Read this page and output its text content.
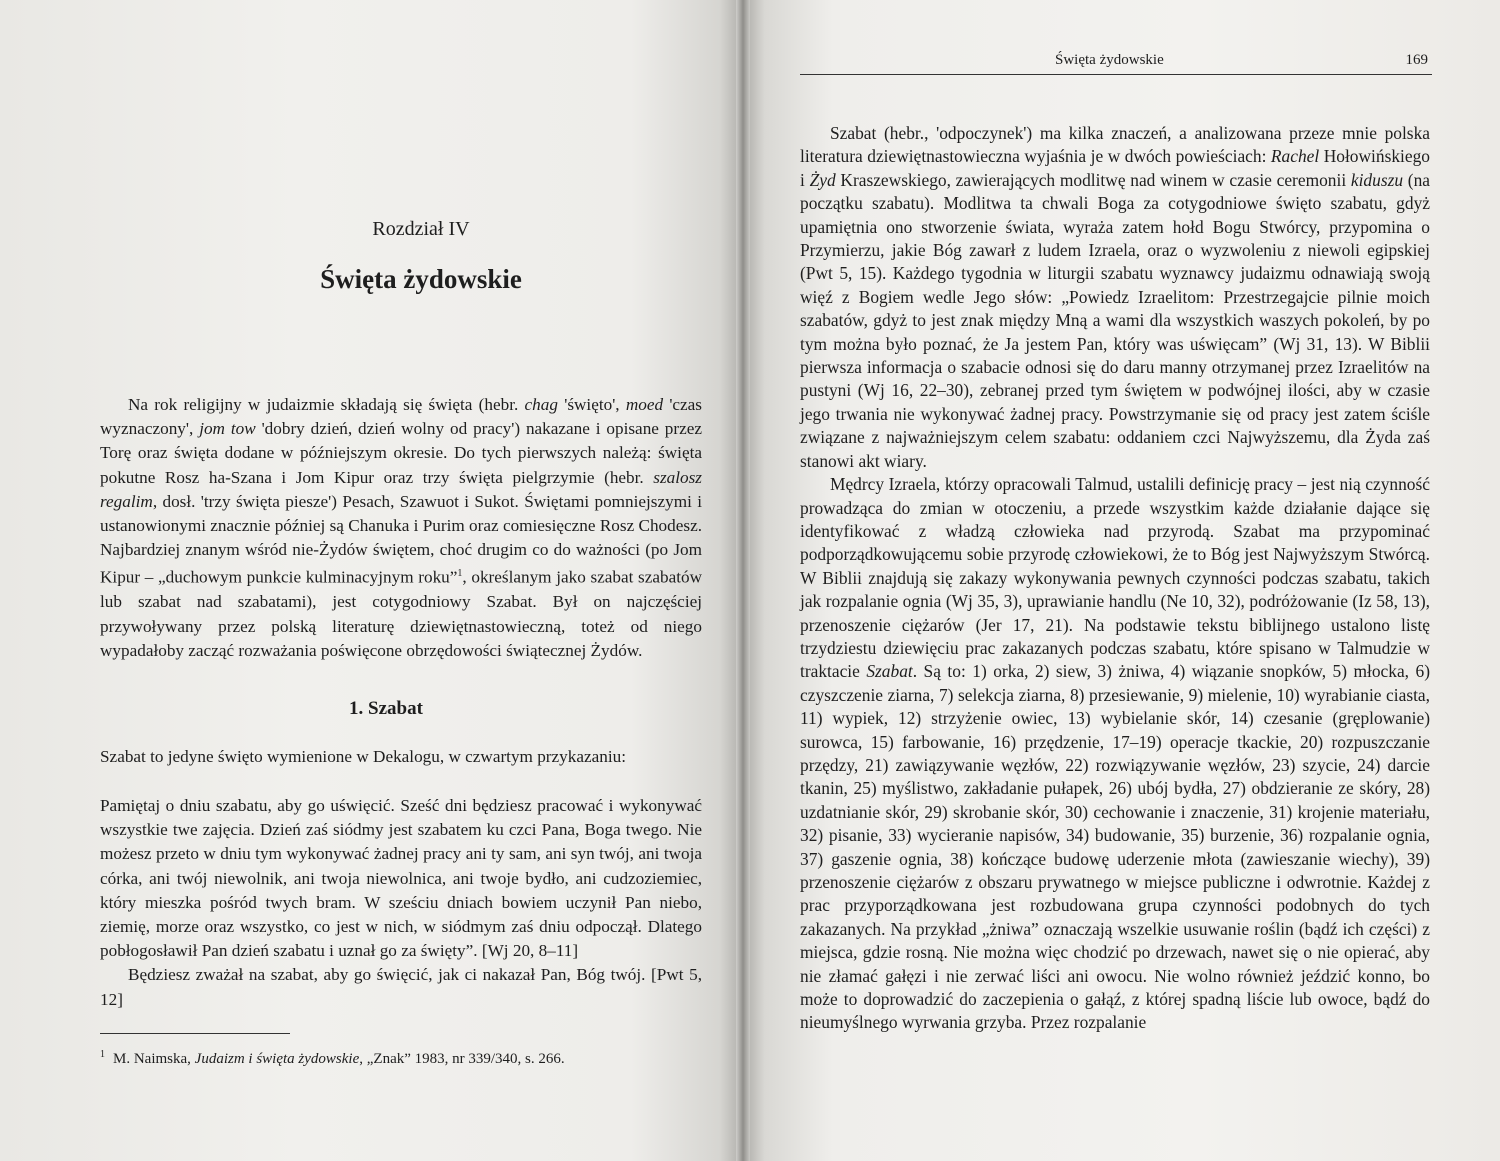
Rozdział IV
Święta żydowskie

Na rok religijny w judaizmie składają się święta (hebr. chag 'święto', moed 'czas wyznaczony', jom tow 'dobry dzień, dzień wolny od pracy') nakazane i opisane przez Torę oraz święta dodane w późniejszym okresie. Do tych pierwszych należą: święta pokutne Rosz ha-Szana i Jom Kipur oraz trzy święta pielgrzymie (hebr. szalosz regalim, dosł. 'trzy święta piesze') Pesach, Szawuot i Sukot. Świętami pomniejszymi i ustanowionymi znacznie później są Chanuka i Purim oraz comiesięczne Rosz Chodesz. Najbardziej znanym wśród nie-Żydów świętem, choć drugim co do ważności (po Jom Kipur – „duchowym punkcie kulminacyjnym roku”$^1$, określanym jako szabat szabatów lub szabat nad szabatami), jest cotygodniowy Szabat. Był on najczęściej przywoływany przez polską literaturę dziewiętnastowieczną, toteż od niego wypadałoby zacząć rozważania poświęcone obrzędowości świątecznej Żydów.

1. Szabat

Szabat to jedyne święto wymienione w Dekalogu, w czwartym przykazaniu:

Pamiętaj o dniu szabatu, aby go uświęcić. Sześć dni będziesz pracować i wykonywać wszystkie twe zajęcia. Dzień zaś siódmy jest szabatem ku czci Pana, Boga twego. Nie możesz przeto w dniu tym wykonywać żadnej pracy ani ty sam, ani syn twój, ani twoja córka, ani twój niewolnik, ani twoja niewolnica, ani twoje bydło, ani cudzoziemiec, który mieszka pośród twych bram. W sześciu dniach bowiem uczynił Pan niebo, ziemię, morze oraz wszystko, co jest w nich, w siódmym zaś dniu odpoczął. Dlatego pobłogosławił Pan dzień szabatu i uznał go za święty”. [Wj 20, 8–11]

Będziesz zważał na szabat, aby go święcić, jak ci nakazał Pan, Bóg twój. [Pwt 5, 12]

$^1$ M. Naimska, Judaizm i święta żydowskie, „Znak” 1983, nr 339/340, s. 266.
Święta żydowskie	169

Szabat (hebr., 'odpoczynek') ma kilka znaczeń, a analizowana przeze mnie polska literatura dziewiętnastowieczna wyjaśnia je w dwóch powieściach: Rachel Hołowińskiego i Żyd Kraszewskiego, zawierających modlitwę nad winem w czasie ceremonii kiduszu (na początku szabatu). Modlitwa ta chwali Boga za cotygodniowe święto szabatu, gdyż upamiętnia ono stworzenie świata, wyraża zatem hołd Bogu Stwórcy, przypomina o Przymierzu, jakie Bóg zawarł z ludem Izraela, oraz o wyzwoleniu z niewoli egipskiej (Pwt 5, 15). Każdego tygodnia w liturgii szabatu wyznawcy judaizmu odnawiają swoją więź z Bogiem wedle Jego słów: „Powiedz Izraelitom: Przestrzegajcie pilnie moich szabatów, gdyż to jest znak między Mną a wami dla wszystkich waszych pokoleń, by po tym można było poznać, że Ja jestem Pan, który was uświęcam” (Wj 31, 13). W Biblii pierwsza informacja o szabacie odnosi się do daru manny otrzymanej przez Izraelitów na pustyni (Wj 16, 22–30), zebranej przed tym świętem w podwójnej ilości, aby w czasie jego trwania nie wykonywać żadnej pracy. Powstrzymanie się od pracy jest zatem ściśle związane z najważniejszym celem szabatu: oddaniem czci Najwyższemu, dla Żyda zaś stanowi akt wiary.

Mędrcy Izraela, którzy opracowali Talmud, ustalili definicję pracy – jest nią czynność prowadząca do zmian w otoczeniu, a przede wszystkim każde działanie dające się identyfikować z władzą człowieka nad przyrodą. Szabat ma przypominać podporządkowującemu sobie przyrodę człowiekowi, że to Bóg jest Najwyższym Stwórcą. W Biblii znajdują się zakazy wykonywania pewnych czynności podczas szabatu, takich jak rozpalanie ognia (Wj 35, 3), uprawianie handlu (Ne 10, 32), podróżowanie (Iz 58, 13), przenoszenie ciężarów (Jer 17, 21). Na podstawie tekstu biblijnego ustalono listę trzydziestu dziewięciu prac zakazanych podczas szabatu, które spisano w Talmudzie w traktacie Szabat. Są to: 1) orka, 2) siew, 3) żniwa, 4) wiązanie snopków, 5) młocka, 6) czyszczenie ziarna, 7) selekcja ziarna, 8) przesiewanie, 9) mielenie, 10) wyrabianie ciasta, 11) wypiek, 12) strzyżenie owiec, 13) wybielanie skór, 14) czesanie (gręplowanie) surowca, 15) farbowanie, 16) przędzenie, 17–19) operacje tkackie, 20) rozpuszczanie przędzy, 21) zawiązywanie węzłów, 22) rozwiązywanie węzłów, 23) szycie, 24) darcie tkanin, 25) myślistwo, zakładanie pułapek, 26) ubój bydła, 27) obdzieranie ze skóry, 28) uzdatnianie skór, 29) skrobanie skór, 30) cechowanie i znaczenie, 31) krojenie materiału, 32) pisanie, 33) wycieranie napisów, 34) budowanie, 35) burzenie, 36) rozpalanie ognia, 37) gaszenie ognia, 38) kończące budowę uderzenie młota (zawieszanie wiechy), 39) przenoszenie ciężarów z obszaru prywatnego w miejsce publiczne i odwrotnie. Każdej z prac przyporządkowana jest rozbudowana grupa czynności podobnych do tych zakazanych. Na przykład „żniwa” oznaczają wszelkie usuwanie roślin (bądź ich części) z miejsca, gdzie rosną. Nie można więc chodzić po drzewach, nawet się o nie opierać, aby nie złamać gałęzi i nie zerwać liści ani owocu. Nie wolno również jeździć konno, bo może to doprowadzić do zaczepienia o gałąź, z której spadną liście lub owoce, bądź do nieumyślnego wyrwania grzyba. Przez rozpalanie
